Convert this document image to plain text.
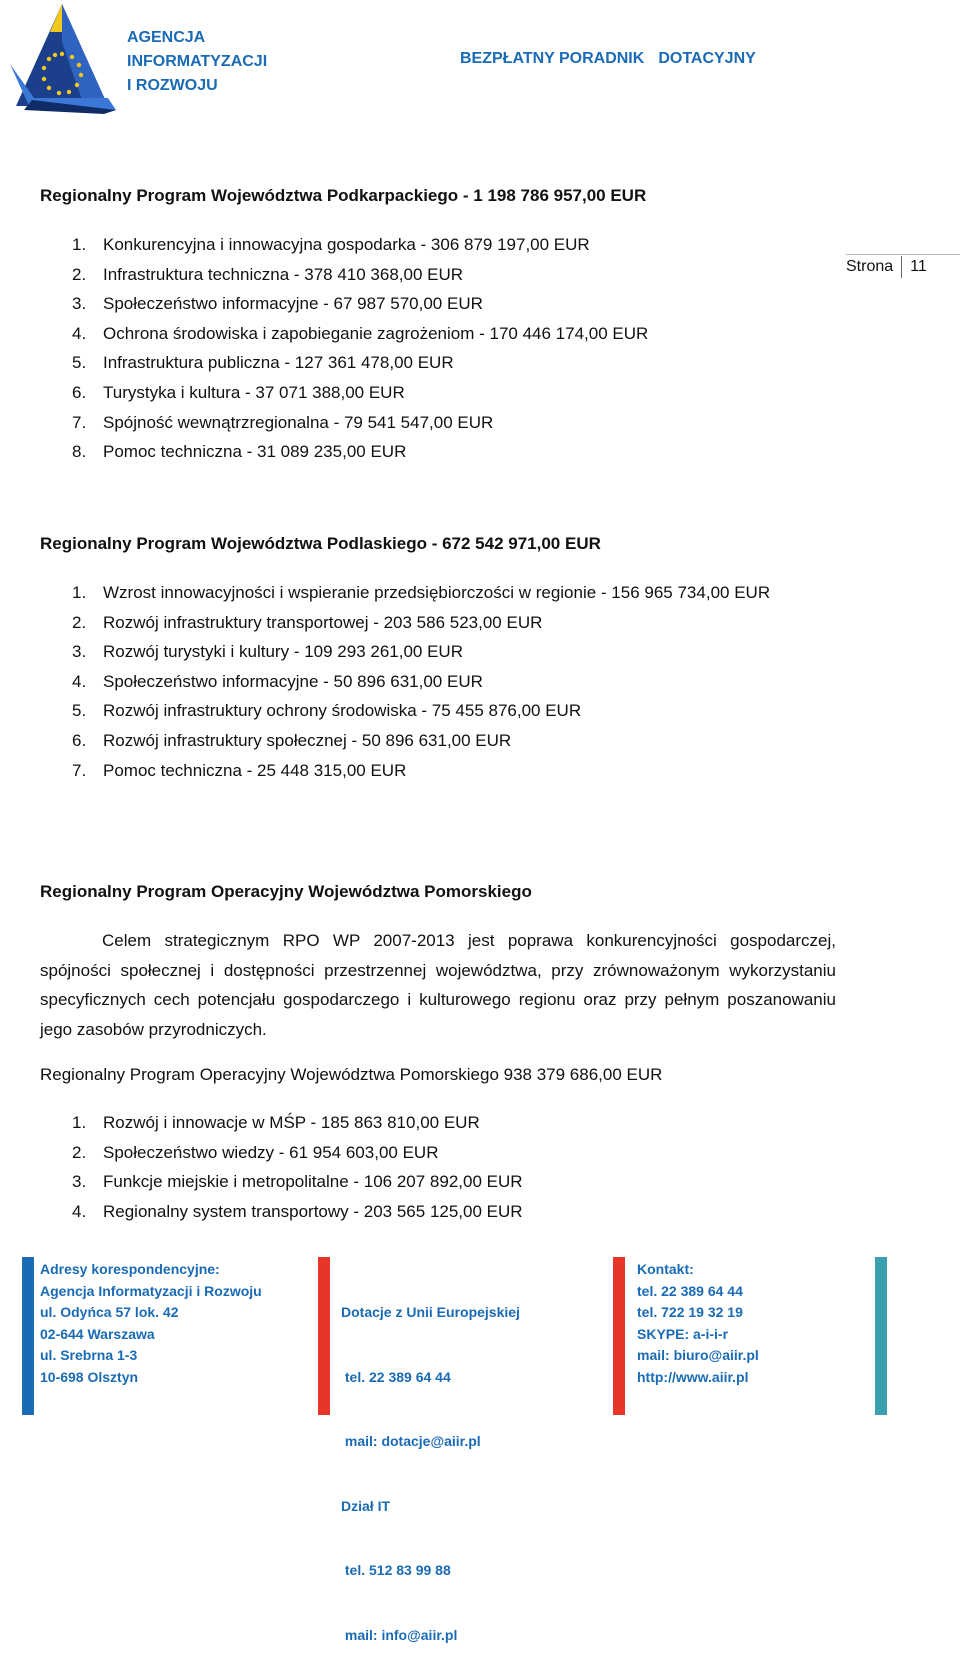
AGENCJA
INFORMATYZACJI
I ROZWOJU
BEZPŁATNY PORADNIK DOTACYJNY
Strona 11
Regionalny Program Województwa Podkarpackiego - 1 198 786 957,00 EUR
1. Konkurencyjna i innowacyjna gospodarka - 306 879 197,00 EUR
2. Infrastruktura techniczna - 378 410 368,00 EUR
3. Społeczeństwo informacyjne - 67 987 570,00 EUR
4. Ochrona środowiska i zapobieganie zagrożeniom - 170 446 174,00 EUR
5. Infrastruktura publiczna - 127 361 478,00 EUR
6. Turystyka i kultura - 37 071 388,00 EUR
7. Spójność wewnątrzregionalna - 79 541 547,00 EUR
8. Pomoc techniczna - 31 089 235,00 EUR
Regionalny Program Województwa Podlaskiego - 672 542 971,00 EUR
1. Wzrost innowacyjności i wspieranie przedsiębiorczości w regionie - 156 965 734,00 EUR
2. Rozwój infrastruktury transportowej - 203 586 523,00 EUR
3. Rozwój turystyki i kultury - 109 293 261,00 EUR
4. Społeczeństwo informacyjne - 50 896 631,00 EUR
5. Rozwój infrastruktury ochrony środowiska - 75 455 876,00 EUR
6. Rozwój infrastruktury społecznej - 50 896 631,00 EUR
7. Pomoc techniczna - 25 448 315,00 EUR
Regionalny Program Operacyjny Województwa Pomorskiego
Celem strategicznym RPO WP 2007-2013 jest poprawa konkurencyjności gospodarczej, spójności społecznej i dostępności przestrzennej województwa, przy zrównoważonym wykorzystaniu specyficznych cech potencjału gospodarczego i kulturowego regionu oraz przy pełnym poszanowaniu jego zasobów przyrodniczych.
Regionalny Program Operacyjny Województwa Pomorskiego 938 379 686,00 EUR
1. Rozwój i innowacje w MŚP - 185 863 810,00 EUR
2. Społeczeństwo wiedzy - 61 954 603,00 EUR
3. Funkcje miejskie i metropolitalne - 106 207 892,00 EUR
4. Regionalny system transportowy - 203 565 125,00 EUR
Adresy korespondencyjne:
Agencja Informatyzacji i Rozwoju
ul. Odyńca 57 lok. 42
02-644 Warszawa
ul. Srebrna 1-3
10-698 Olsztyn

Dotacje z Unii Europejskiej

tel. 22 389 64 44

mail: dotacje@aiir.pl

Dział IT

tel. 512 83 99 88

mail: info@aiir.pl

Kontakt:
tel. 22 389 64 44
tel. 722 19 32 19
SKYPE: a-i-i-r
mail: biuro@aiir.pl
http://www.aiir.pl
